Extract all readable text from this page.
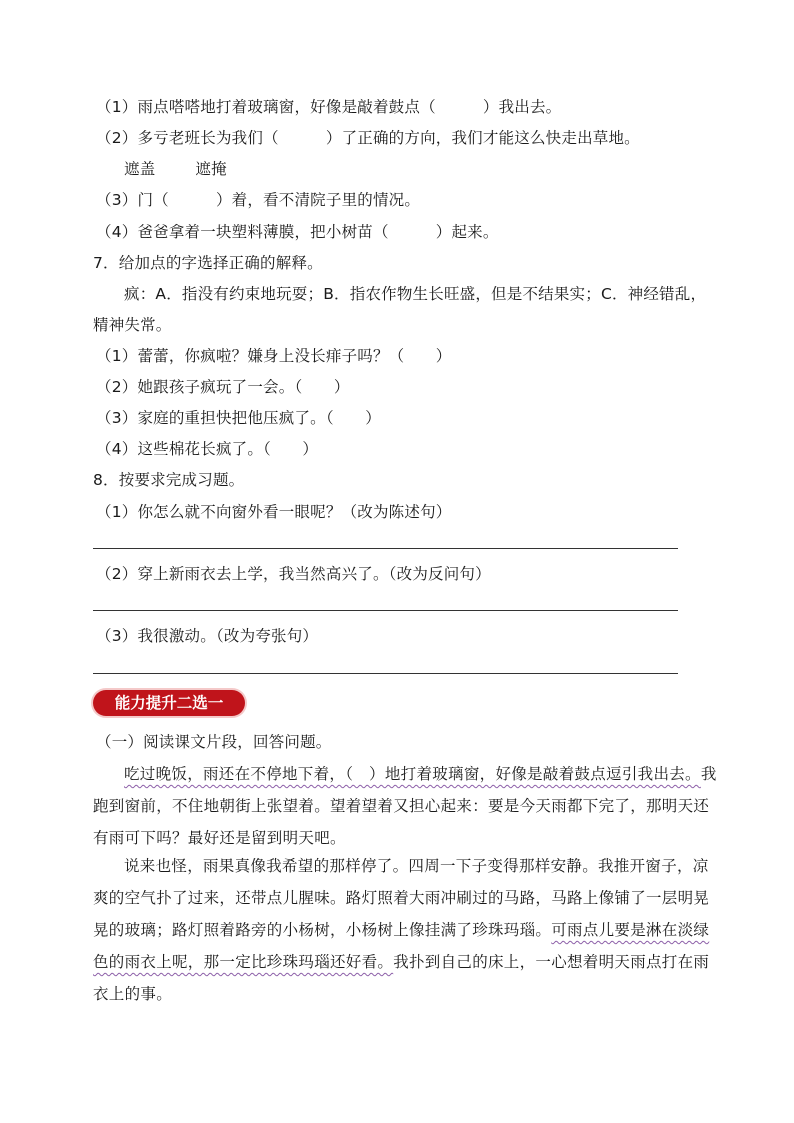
（1）雨点嗒嗒地打着玻璃窗，好像是敲着鼓点（　　　）我出去。
（2）多亏老班长为我们（　　　）了正确的方向，我们才能这么快走出草地。
遮盖	遮掩
（3）门（　　　）着，看不清院子里的情况。
（4）爸爸拿着一块塑料薄膜，把小树苗（　　　）起来。
7．给加点的字选择正确的解释。
疯：A．指没有约束地玩耍；B．指农作物生长旺盛，但是不结果实；C．神经错乱，
精神失常。
（1）蕾蕾，你疯啦？嫌身上没长痱子吗？（　　）
（2）她跟孩子疯玩了一会。（　　）
（3）家庭的重担快把他压疯了。（　　）
（4）这些棉花长疯了。（　　）
8．按要求完成习题。
（1）你怎么就不向窗外看一眼呢？（改为陈述句）
（2）穿上新雨衣去上学，我当然高兴了。（改为反问句）
（3）我很激动。（改为夸张句）
能力提升二选一
（一）阅读课文片段，回答问题。
吃过晚饭，雨还在不停地下着，（　）地打着玻璃窗，好像是敲着鼓点逗引我出去。我跑到窗前，不住地朝街上张望着。望着望着又担心起来：要是今天雨都下完了，那明天还有雨可下吗？最好还是留到明天吧。
说来也怪，雨果真像我希望的那样停了。四周一下子变得那样安静。我推开窗子，凉爽的空气扑了过来，还带点儿腥味。路灯照着大雨冲刷过的马路，马路上像铺了一层明晃晃的玻璃；路灯照着路旁的小杨树，小杨树上像挂满了珍珠玛瑙。可雨点儿要是淋在淡绿色的雨衣上呢，那一定比珍珠玛瑙还好看。我扑到自己的床上，一心想着明天雨点打在雨衣上的事。
